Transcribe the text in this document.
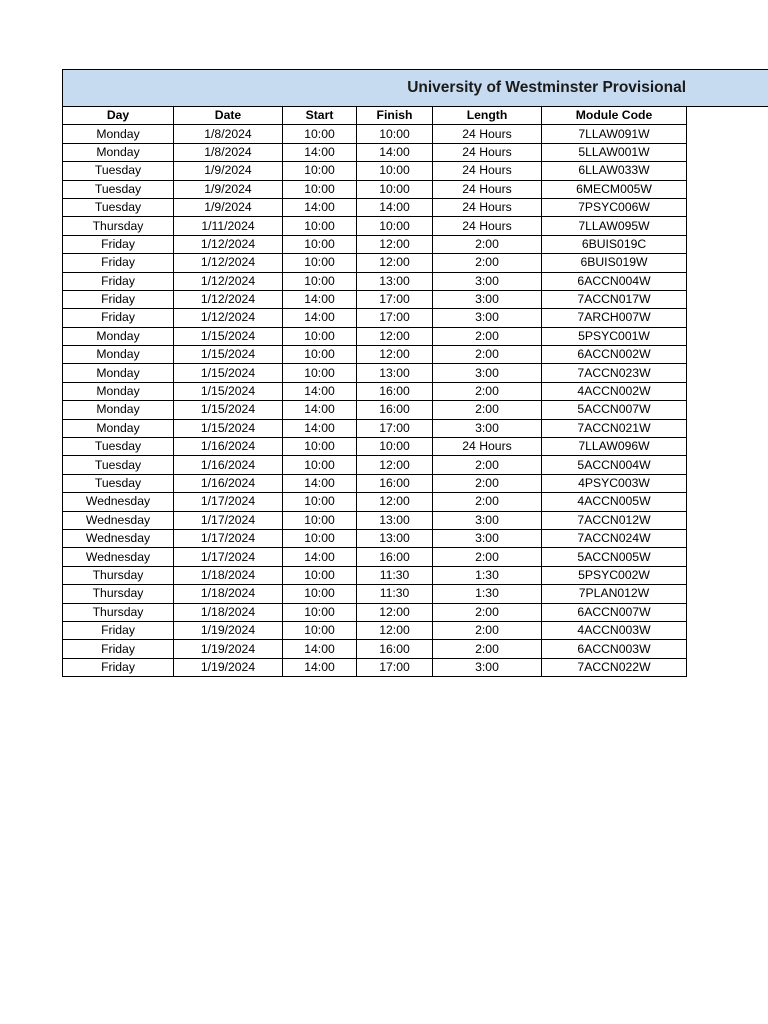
University of Westminster Provisional
Day	Date	Start	Finish	Length	Module Code
Monday	1/8/2024	10:00	10:00	24 Hours	7LLAW091W
Monday	1/8/2024	14:00	14:00	24 Hours	5LLAW001W
Tuesday	1/9/2024	10:00	10:00	24 Hours	6LLAW033W
Tuesday	1/9/2024	10:00	10:00	24 Hours	6MECM005W
Tuesday	1/9/2024	14:00	14:00	24 Hours	7PSYC006W
Thursday	1/11/2024	10:00	10:00	24 Hours	7LLAW095W
Friday	1/12/2024	10:00	12:00	2:00	6BUIS019C
Friday	1/12/2024	10:00	12:00	2:00	6BUIS019W
Friday	1/12/2024	10:00	13:00	3:00	6ACCN004W
Friday	1/12/2024	14:00	17:00	3:00	7ACCN017W
Friday	1/12/2024	14:00	17:00	3:00	7ARCH007W
Monday	1/15/2024	10:00	12:00	2:00	5PSYC001W
Monday	1/15/2024	10:00	12:00	2:00	6ACCN002W
Monday	1/15/2024	10:00	13:00	3:00	7ACCN023W
Monday	1/15/2024	14:00	16:00	2:00	4ACCN002W
Monday	1/15/2024	14:00	16:00	2:00	5ACCN007W
Monday	1/15/2024	14:00	17:00	3:00	7ACCN021W
Tuesday	1/16/2024	10:00	10:00	24 Hours	7LLAW096W
Tuesday	1/16/2024	10:00	12:00	2:00	5ACCN004W
Tuesday	1/16/2024	14:00	16:00	2:00	4PSYC003W
Wednesday	1/17/2024	10:00	12:00	2:00	4ACCN005W
Wednesday	1/17/2024	10:00	13:00	3:00	7ACCN012W
Wednesday	1/17/2024	10:00	13:00	3:00	7ACCN024W
Wednesday	1/17/2024	14:00	16:00	2:00	5ACCN005W
Thursday	1/18/2024	10:00	11:30	1:30	5PSYC002W
Thursday	1/18/2024	10:00	11:30	1:30	7PLAN012W
Thursday	1/18/2024	10:00	12:00	2:00	6ACCN007W
Friday	1/19/2024	10:00	12:00	2:00	4ACCN003W
Friday	1/19/2024	14:00	16:00	2:00	6ACCN003W
Friday	1/19/2024	14:00	17:00	3:00	7ACCN022W
